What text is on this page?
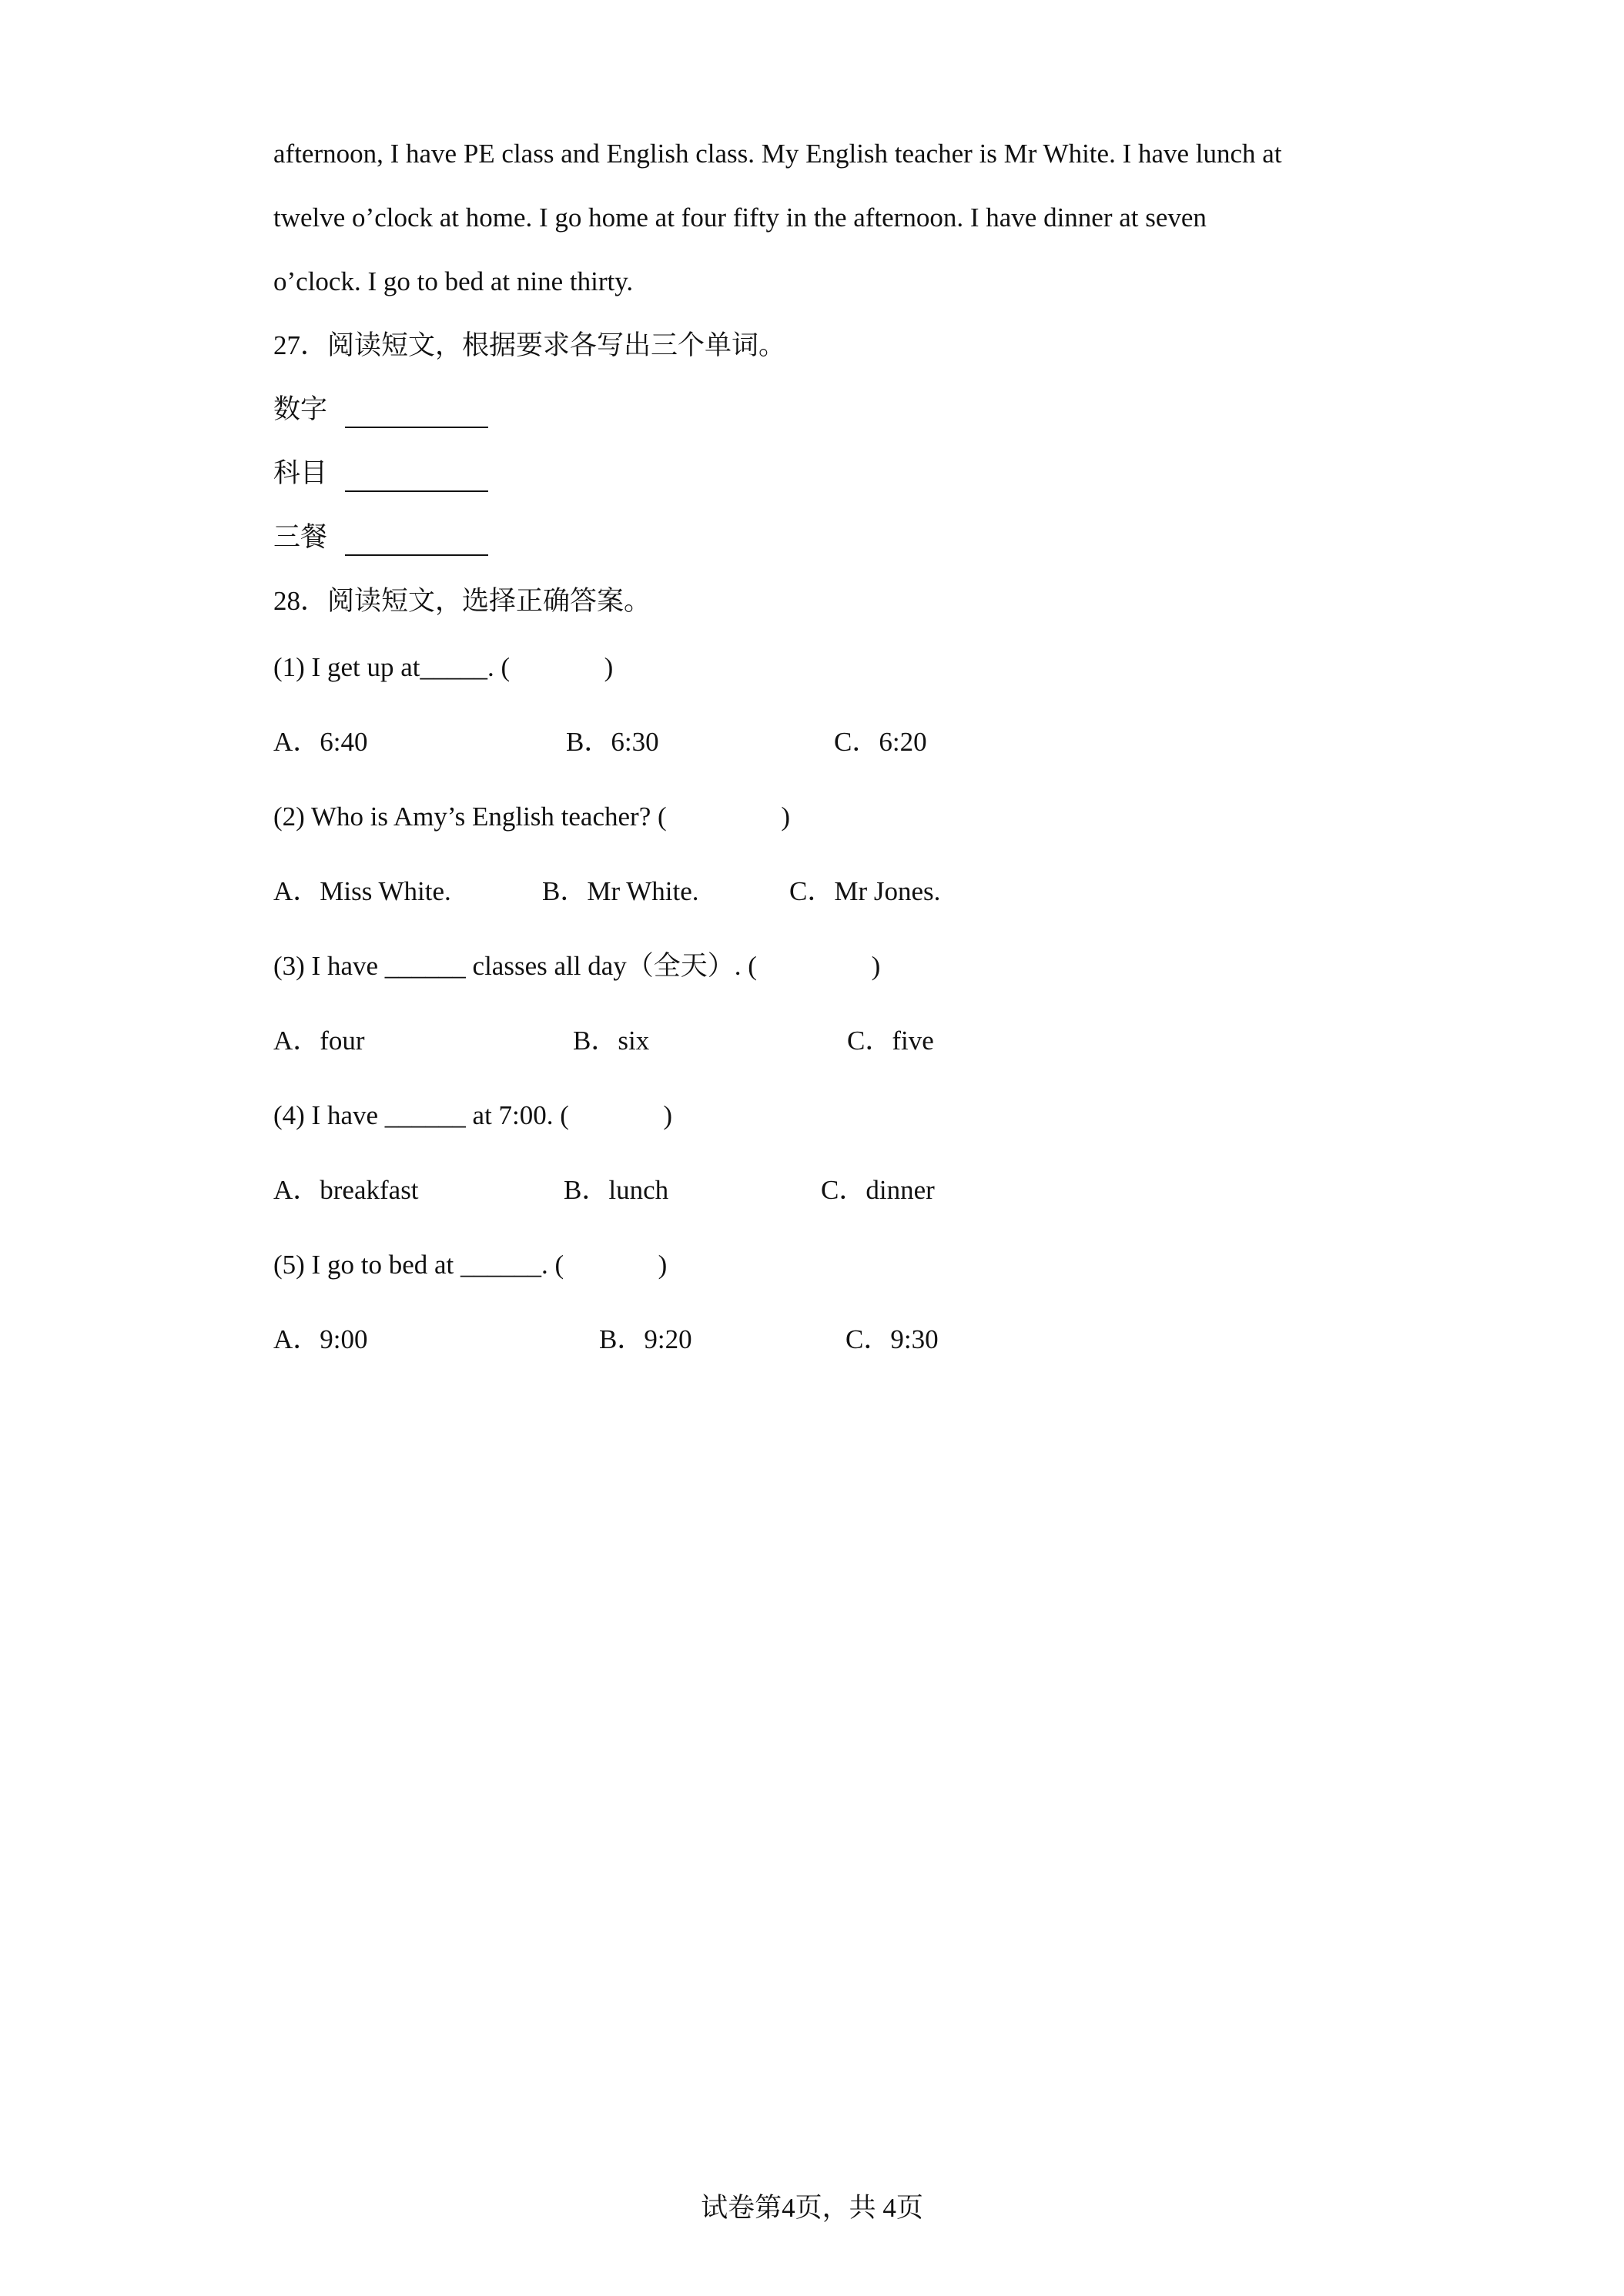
afternoon, I have PE class and English class. My English teacher is Mr White. I have lunch at
twelve o’clock at home. I go home at four fifty in the afternoon. I have dinner at seven
o’clock. I go to bed at nine thirty.
27．阅读短文，根据要求各写出三个单词。
数字
科目
三餐
28．阅读短文，选择正确答案。
(1) I get up at_____. (              )
A．6:40	B．6:30	C．6:20
(2) Who is Amy’s English teacher? (                 )
A．Miss White.	B．Mr White.	C．Mr Jones.
(3) I have ______ classes all day（全天）. (                 )
A．four	B．six	C．five
(4) I have ______ at 7:00. (              )
A．breakfast	B．lunch	C．dinner
(5) I go to bed at ______. (              )
A．9:00	B．9:20	C．9:30
试卷第4页，共 4页
